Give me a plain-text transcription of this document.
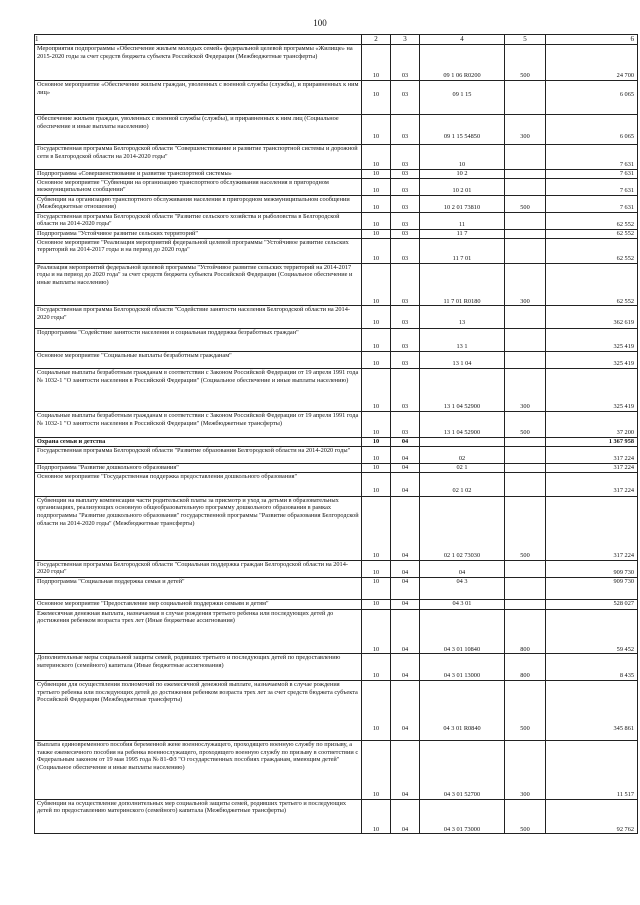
100
1	2	3	4	5	6
Мероприятия подпрограммы «Обеспечение жильем молодых семей» федеральной целевой программы «Жилище» на 2015-2020 годы за счет средств бюджета субъекта Российской Федерации (Межбюджетные трансферты)	10	03	09 1 06 R0200	500	24 700
Основное мероприятие «Обеспечение жильем граждан, уволенных с военной службы (службы), и приравненных к ним лиц»	10	03	09 1 15		6 065
Обеспечение жильем граждан, уволенных с военной службы (службы), и приравненных к ним лиц (Социальное обеспечение и иные выплаты населению)	10	03	09 1 15 54850	300	6 065
Государственная программа Белгородской области "Совершенствование и развитие транспортной системы и дорожной сети в Белгородской области на 2014-2020 годы"	10	03	10		7 631
Подпрограмма «Совершенствование и развитие транспортной системы»	10	03	10 2		7 631
Основное мероприятие "Субвенции на организацию транспортного обслуживания населения в пригородном межмуниципальном сообщении"	10	03	10 2 01		7 631
Субвенции на организацию транспортного обслуживания населения в пригородном межмуниципальном сообщении (Межбюджетные отношения)	10	03	10 2 01 73810	500	7 631
Государственная программа Белгородской области "Развитие сельского хозяйства и рыболовства в Белгородской области на 2014-2020 годы"	10	03	11		62 552
Подпрограмма "Устойчивое развитие сельских территорий"	10	03	11 7		62 552
Основное мероприятие "Реализация мероприятий федеральной целевой программы "Устойчивое развитие сельских территорий на 2014-2017 годы и на период до 2020 года"	10	03	11 7 01		62 552
Реализация мероприятий федеральной целевой программы "Устойчивое развитие сельских территорий на 2014-2017 годы и на период до 2020 года" за счет средств бюджета субъекта Российской Федерации (Социальное обеспечение и иные выплаты населению)	10	03	11 7 01 R0180	300	62 552
Государственная программа Белгородской области "Содействие занятости населения Белгородской области на 2014-2020 годы"	10	03	13		362 619
Подпрограмма "Содействие занятости населения и социальная поддержка безработных граждан"	10	03	13 1		325 419
Основное мероприятие "Социальные выплаты безработным гражданам"	10	03	13 1 04		325 419
Социальные выплаты безработным гражданам в соответствии с Законом Российской Федерации от 19 апреля 1991 года № 1032-1 "О занятости населения в Российской Федерации" (Социальное обеспечение и иные выплаты населению)	10	03	13 1 04 52900	300	325 419
Социальные выплаты безработным гражданам в соответствии с Законом Российской Федерации от 19 апреля 1991 года № 1032-1 "О занятости населения в Российской Федерации" (Межбюджетные трансферты)	10	03	13 1 04 52900	500	37 200
Охрана семьи и детства	10	04			1 367 958
Государственная программа Белгородской области "Развитие образования Белгородской области на 2014-2020 годы"	10	04	02		317 224
Подпрограмма "Развитие дошкольного образования"	10	04	02 1		317 224
Основное мероприятие "Государственная поддержка предоставления дошкольного образования"	10	04	02 1 02		317 224
Субвенции на выплату компенсации части родительской платы за присмотр и уход за детьми в образовательных организациях, реализующих основную общеобразовательную программу дошкольного образования в рамках подпрограммы "Развитие дошкольного образования" государственной программы "Развитие образования Белгородской области на 2014-2020 годы" (Межбюджетные трансферты)	10	04	02 1 02 73030	500	317 224
Государственная программа Белгородской области "Социальная поддержка граждан Белгородской области на 2014-2020 годы"	10	04	04		909 730
Подпрограмма "Социальная поддержка семьи и детей"	10	04	04 3		909 730
Основное мероприятие "Предоставление мер социальной поддержки семьям и детям"	10	04	04 3 01		528 027
Ежемесячная денежная выплата, назначаемая в случае рождения третьего ребенка или последующих детей до достижения ребенком возраста трех лет (Иные бюджетные ассигнования)	10	04	04 3 01 10840	800	59 452
Дополнительные меры социальной защиты семей, родивших третьего и последующих детей по предоставлению материнского (семейного) капитала (Иные бюджетные ассигнования)	10	04	04 3 01 13000	800	8 435
Субвенции для осуществления полномочий по ежемесячной денежной выплате, назначаемой в случае рождения третьего ребенка или последующих детей до достижения ребенком возраста трех лет за счет средств бюджета субъекта Российской Федерации (Межбюджетные трансферты)	10	04	04 3 01 R0840	500	345 861
Выплата единовременного пособия беременной жене военнослужащего, проходящего военную службу по призыву, а также ежемесячного пособия на ребенка военнослужащего, проходящего военную службу по призыву в соответствии с Федеральным законом от 19 мая 1995 года № 81-ФЗ "О государственных пособиях гражданам, имеющим детей" (Социальное обеспечение и иные выплаты населению)	10	04	04 3 01 52700	300	11 517
Субвенции на осуществление дополнительных мер социальной защиты семей, родивших третьего и последующих детей по предоставлению материнского (семейного) капитала (Межбюджетные трансферты)	10	04	04 3 01 73000	500	92 762
